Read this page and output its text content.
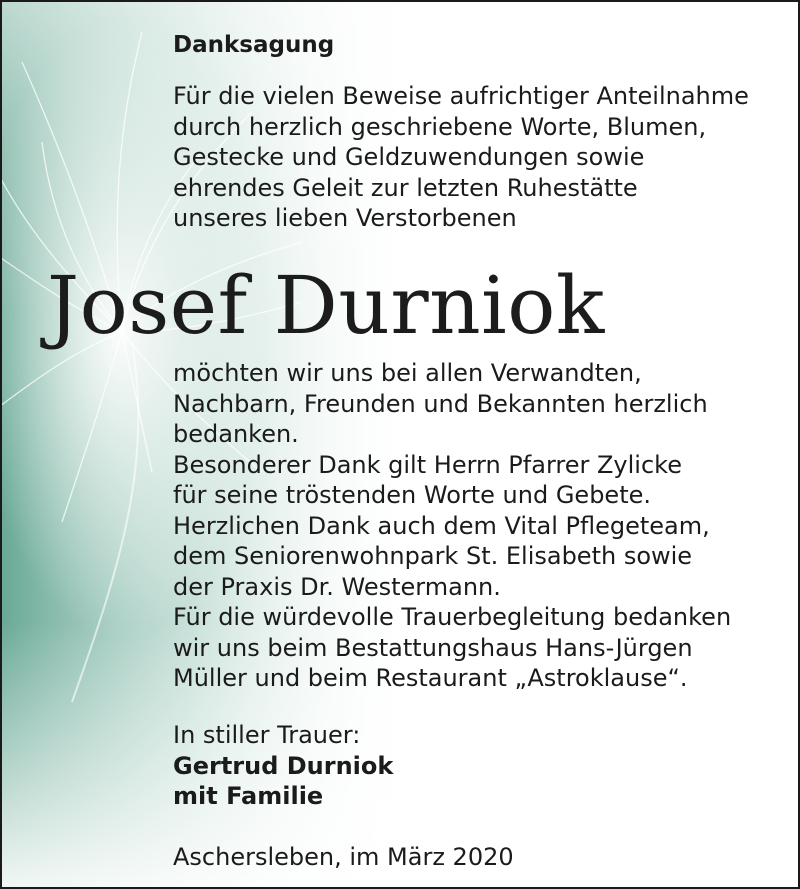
Danksagung
Für die vielen Beweise aufrichtiger Anteilnahme
durch herzlich geschriebene Worte, Blumen,
Gestecke und Geldzuwendungen sowie
ehrendes Geleit zur letzten Ruhestätte
unseres lieben Verstorbenen
Josef Durniok
möchten wir uns bei allen Verwandten,
Nachbarn, Freunden und Bekannten herzlich
bedanken.
Besonderer Dank gilt Herrn Pfarrer Zylicke
für seine tröstenden Worte und Gebete.
Herzlichen Dank auch dem Vital Pflegeteam,
dem Seniorenwohnpark St. Elisabeth sowie
der Praxis Dr. Westermann.
Für die würdevolle Trauerbegleitung bedanken
wir uns beim Bestattungshaus Hans-Jürgen
Müller und beim Restaurant „Astroklause“.
In stiller Trauer:
Gertrud Durniok
mit Familie
Aschersleben, im März 2020
